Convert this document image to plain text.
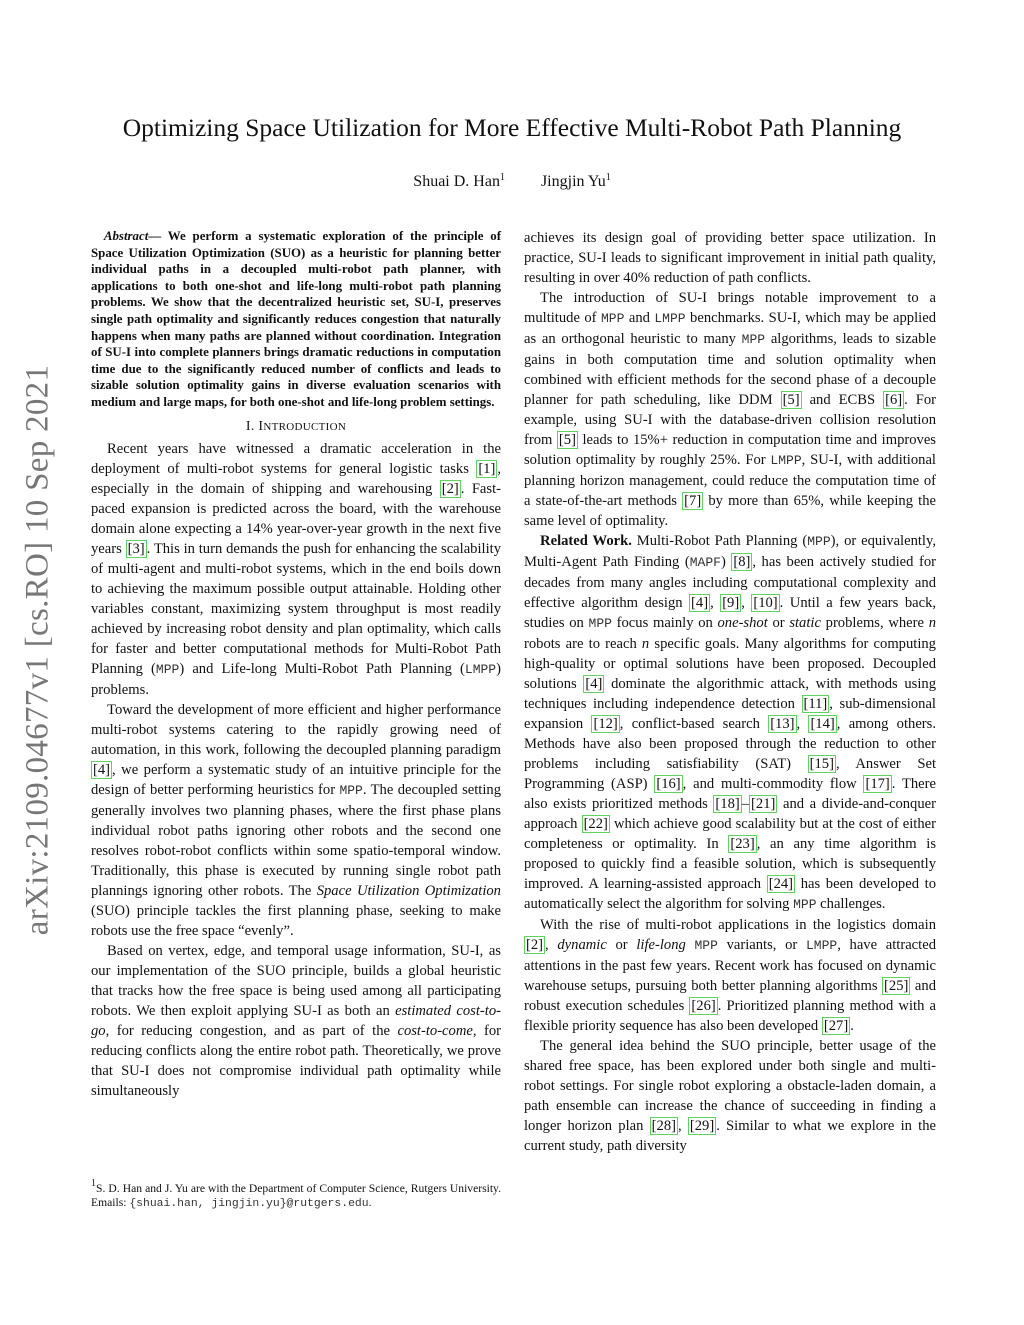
arXiv:2109.04677v1 [cs.RO] 10 Sep 2021
Optimizing Space Utilization for More Effective Multi-Robot Path Planning
Shuai D. Han$^1$ Jingjin Yu$^1$
Abstract— We perform a systematic exploration of the principle of Space Utilization Optimization (SUO) as a heuristic for planning better individual paths in a decoupled multi-robot path planner, with applications to both one-shot and life-long multi-robot path planning problems. We show that the decentralized heuristic set, SU-I, preserves single path optimality and significantly reduces congestion that naturally happens when many paths are planned without coordination. Integration of SU-I into complete planners brings dramatic reductions in computation time due to the significantly reduced number of conflicts and leads to sizable solution optimality gains in diverse evaluation scenarios with medium and large maps, for both one-shot and life-long problem settings.
I. INTRODUCTION

Recent years have witnessed a dramatic acceleration in the deployment of multi-robot systems for general logistic tasks [1] , especially in the domain of shipping and warehousing [2] . Fast-paced expansion is predicted across the board, with the warehouse domain alone expecting a 14% year-over-year growth in the next five years [3] . This in turn demands the push for enhancing the scalability of multi-agent and multi-robot systems, which in the end boils down to achieving the maximum possible output attainable. Holding other variables constant, maximizing system throughput is most readily achieved by increasing robot density and plan optimality, which calls for faster and better computational methods for Multi-Robot Path Planning (MPP) and Life-long Multi-Robot Path Planning (LMPP) problems.

Toward the development of more efficient and higher performance multi-robot systems catering to the rapidly growing need of automation, in this work, following the decoupled planning paradigm [4] , we perform a systematic study of an intuitive principle for the design of better performing heuristics for MPP. The decoupled setting generally involves two planning phases, where the first phase plans individual robot paths ignoring other robots and the second one resolves robot-robot conflicts within some spatio-temporal window. Traditionally, this phase is executed by running single robot path plannings ignoring other robots. The Space Utilization Optimization (SUO) principle tackles the first planning phase, seeking to make robots use the free space “evenly”.

Based on vertex, edge, and temporal usage information, SU-I, as our implementation of the SUO principle, builds a global heuristic that tracks how the free space is being used among all participating robots. We then exploit applying SU-I as both an estimated cost-to-go, for reducing congestion, and as part of the cost-to-come, for reducing conflicts along the entire robot path. Theoretically, we prove that SU-I does not compromise individual path optimality while simultaneously

$^1$S. D. Han and J. Yu are with the Department of Computer Science, Rutgers University. Emails: {shuai.han, jingjin.yu}@rutgers.edu.

achieves its design goal of providing better space utilization. In practice, SU-I leads to significant improvement in initial path quality, resulting in over 40% reduction of path conflicts.

The introduction of SU-I brings notable improvement to a multitude of MPP and LMPP benchmarks. SU-I, which may be applied as an orthogonal heuristic to many MPP algorithms, leads to sizable gains in both computation time and solution optimality when combined with efficient methods for the second phase of a decouple planner for path scheduling, like DDM [5] and ECBS [6] . For example, using SU-I with the database-driven collision resolution from [5] leads to 15%+ reduction in computation time and improves solution optimality by roughly 25%. For LMPP, SU-I, with additional planning horizon management, could reduce the computation time of a state-of-the-art methods [7] by more than 65%, while keeping the same level of optimality.

Related Work. Multi-Robot Path Planning (MPP), or equivalently, Multi-Agent Path Finding (MAPF) [8] , has been actively studied for decades from many angles including computational complexity and effective algorithm design [4] , [9] , [10] . Until a few years back, studies on MPP focus mainly on one-shot or static problems, where n robots are to reach n specific goals. Many algorithms for computing high-quality or optimal solutions have been proposed. Decoupled solutions [4] dominate the algorithmic attack, with methods using techniques including independence detection [11] , sub-dimensional expansion [12] , conflict-based search [13] , [14] , among others. Methods have also been proposed through the reduction to other problems including satisfiability (SAT) [15] , Answer Set Programming (ASP) [16] , and multi-commodity flow [17] . There also exists prioritized methods [18] – [21] and a divide-and-conquer approach [22] which achieve good scalability but at the cost of either completeness or optimality. In [23] , an any time algorithm is proposed to quickly find a feasible solution, which is subsequently improved. A learning-assisted approach [24] has been developed to automatically select the algorithm for solving MPP challenges.

With the rise of multi-robot applications in the logistics domain [2] , dynamic or life-long MPP variants, or LMPP, have attracted attentions in the past few years. Recent work has focused on dynamic warehouse setups, pursuing both better planning algorithms [25] and robust execution schedules [26] . Prioritized planning method with a flexible priority sequence has also been developed [27] .

The general idea behind the SUO principle, better usage of the shared free space, has been explored under both single and multi-robot settings. For single robot exploring a obstacle-laden domain, a path ensemble can increase the chance of succeeding in finding a longer horizon plan [28] , [29] . Similar to what we explore in the current study, path diversity
